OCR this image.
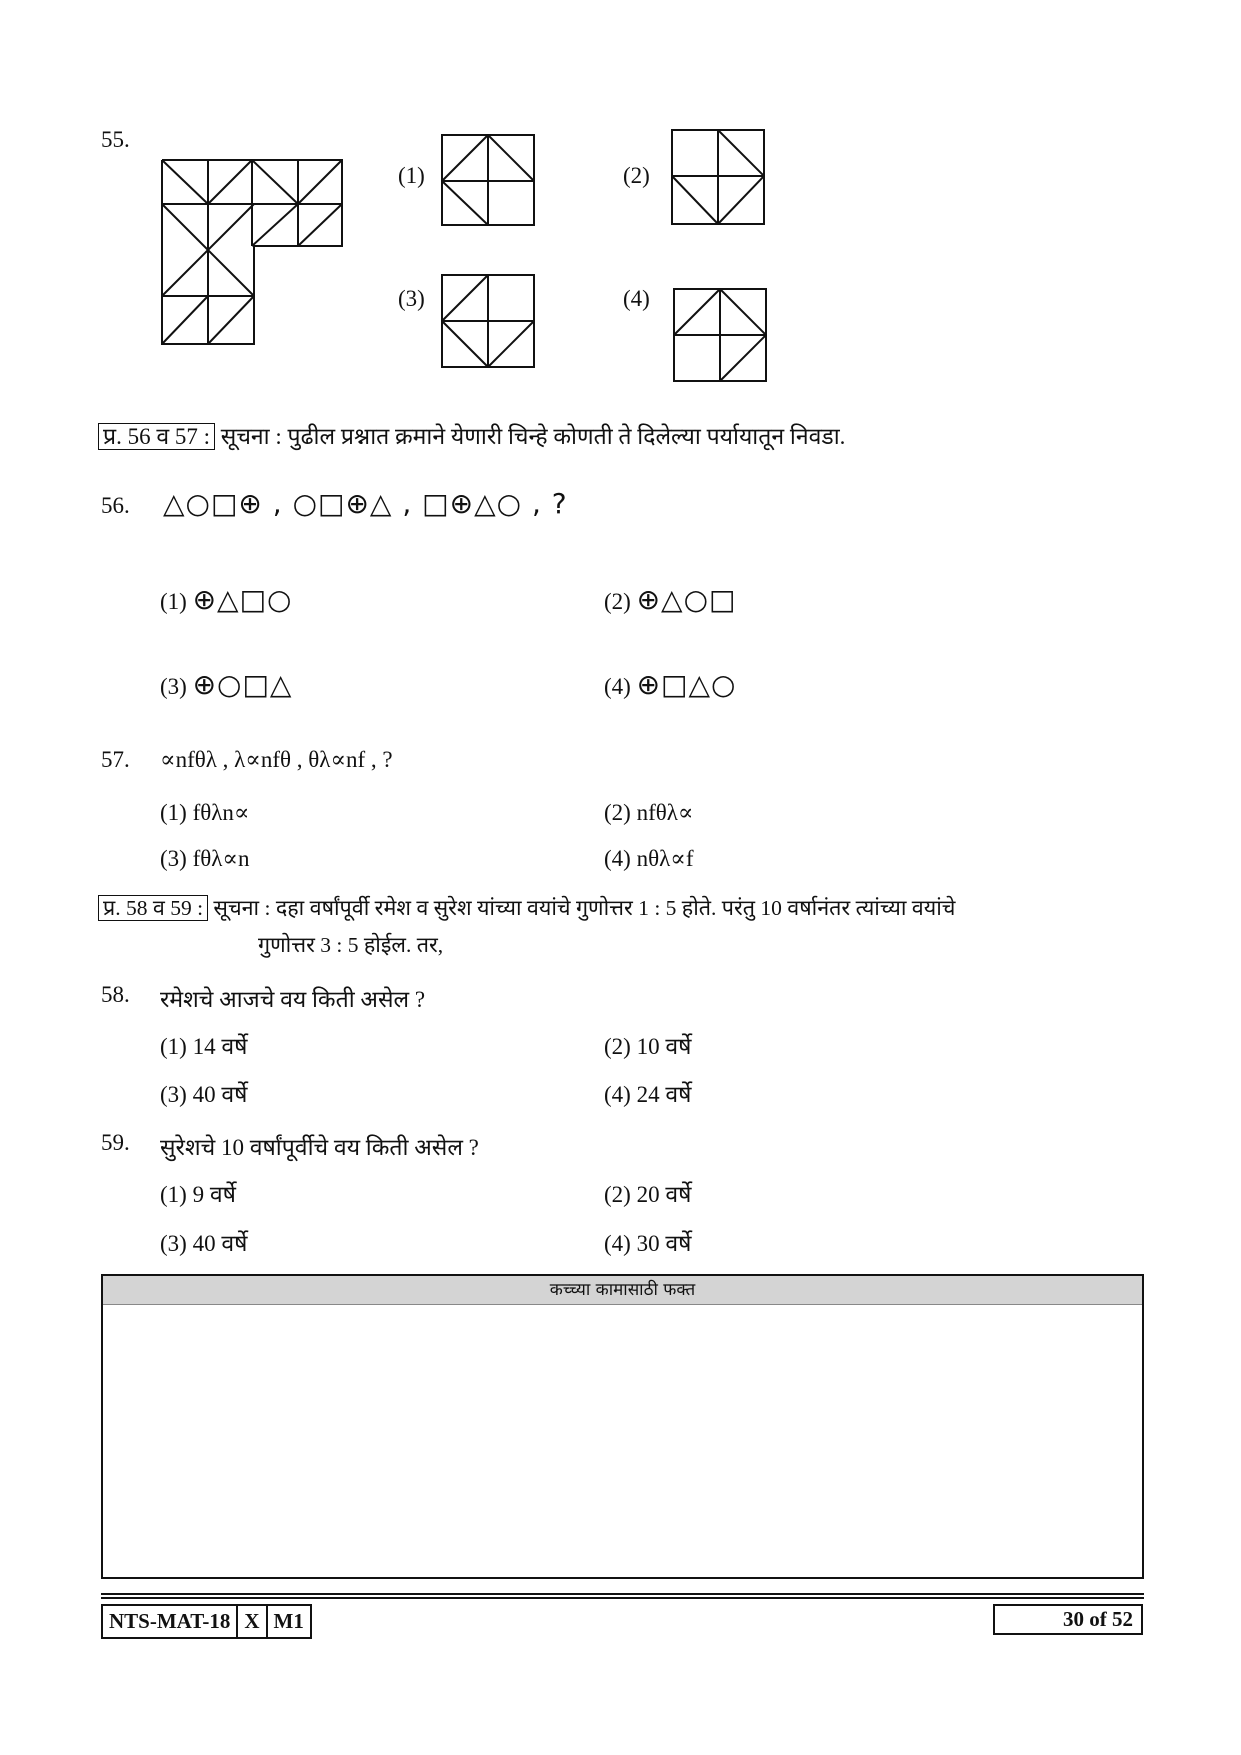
55.
(1)	(2)
(3)	(4)
प्र. 56 व 57 : सूचना : पुढील प्रश्नात क्रमाने येणारी चिन्हे कोणती ते दिलेल्या पर्यायातून निवडा.
56. △○□⊕ , ○□⊕△ , □⊕△○ , ?
(1) ⊕△□○	(2) ⊕△○□
(3) ⊕○□△	(4) ⊕□△○
57. ∝nfθλ , λ∝nfθ , θλ∝nf , ?
(1) fθλn∝	(2) nfθλ∝
(3) fθλ∝n	(4) nθλ∝f
प्र. 58 व 59 : सूचना : दहा वर्षांपूर्वी रमेश व सुरेश यांच्या वयांचे गुणोत्तर 1 : 5 होते. परंतु 10 वर्षानंतर त्यांच्या वयांचे
गुणोत्तर 3 : 5 होईल. तर,
58. रमेशचे आजचे वय किती असेल ?
(1) 14 वर्षे	(2) 10 वर्षे
(3) 40 वर्षे	(4) 24 वर्षे
59. सुरेशचे 10 वर्षांपूर्वीचे वय किती असेल ?
(1) 9 वर्षे	(2) 20 वर्षे
(3) 40 वर्षे	(4) 30 वर्षे
कच्च्या कामासाठी फक्त
NTS-MAT-18 X M1	30 of 52
